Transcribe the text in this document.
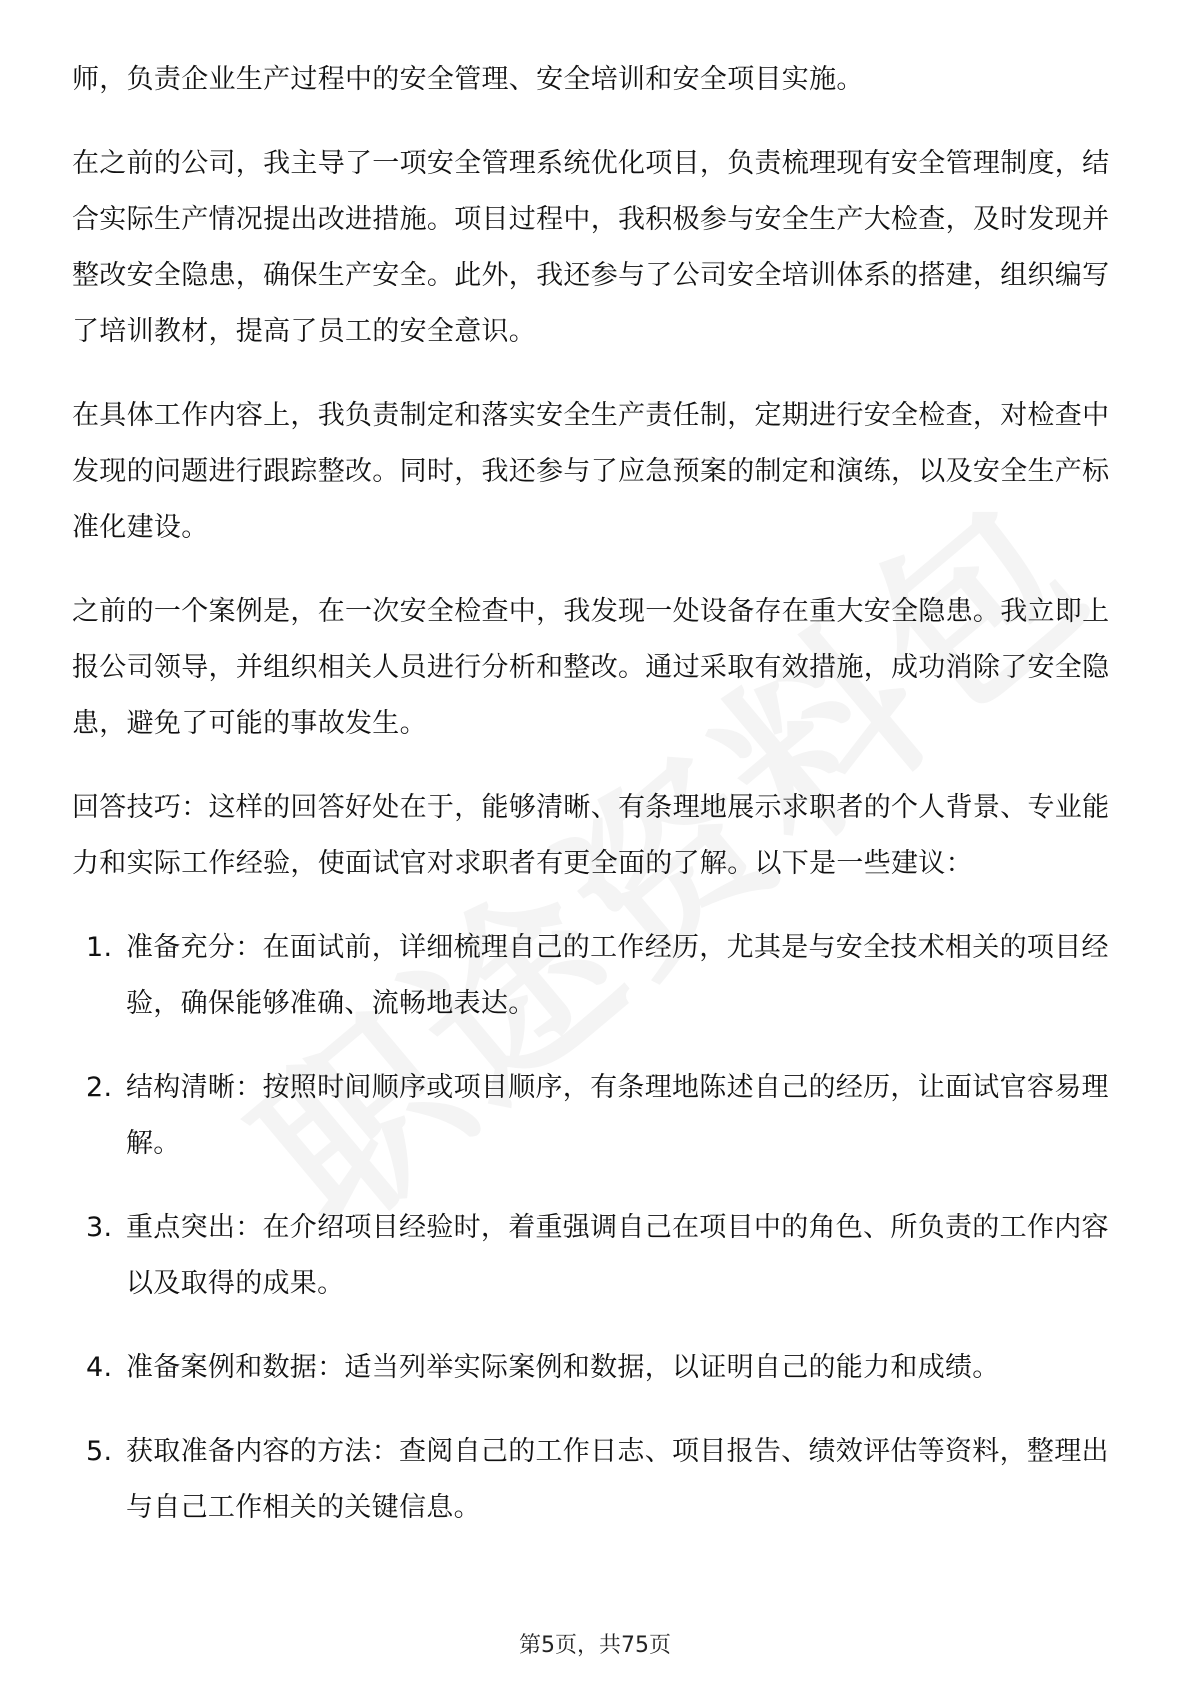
师，负责企业生产过程中的安全管理、安全培训和安全项目实施。

在之前的公司，我主导了一项安全管理系统优化项目，负责梳理现有安全管理制度，结合实际生产情况提出改进措施。项目过程中，我积极参与安全生产大检查，及时发现并整改安全隐患，确保生产安全。此外，我还参与了公司安全培训体系的搭建，组织编写了培训教材，提高了员工的安全意识。

在具体工作内容上，我负责制定和落实安全生产责任制，定期进行安全检查，对检查中发现的问题进行跟踪整改。同时，我还参与了应急预案的制定和演练，以及安全生产标准化建设。

之前的一个案例是，在一次安全检查中，我发现一处设备存在重大安全隐患。我立即上报公司领导，并组织相关人员进行分析和整改。通过采取有效措施，成功消除了安全隐患，避免了可能的事故发生。

回答技巧：这样的回答好处在于，能够清晰、有条理地展示求职者的个人背景、专业能力和实际工作经验，使面试官对求职者有更全面的了解。以下是一些建议：

1. 准备充分：在面试前，详细梳理自己的工作经历，尤其是与安全技术相关的项目经验，确保能够准确、流畅地表达。
2. 结构清晰：按照时间顺序或项目顺序，有条理地陈述自己的经历，让面试官容易理解。
3. 重点突出：在介绍项目经验时，着重强调自己在项目中的角色、所负责的工作内容以及取得的成果。
4. 准备案例和数据：适当列举实际案例和数据，以证明自己的能力和成绩。
5. 获取准备内容的方法：查阅自己的工作日志、项目报告、绩效评估等资料，整理出与自己工作相关的关键信息。
第5页，共75页
